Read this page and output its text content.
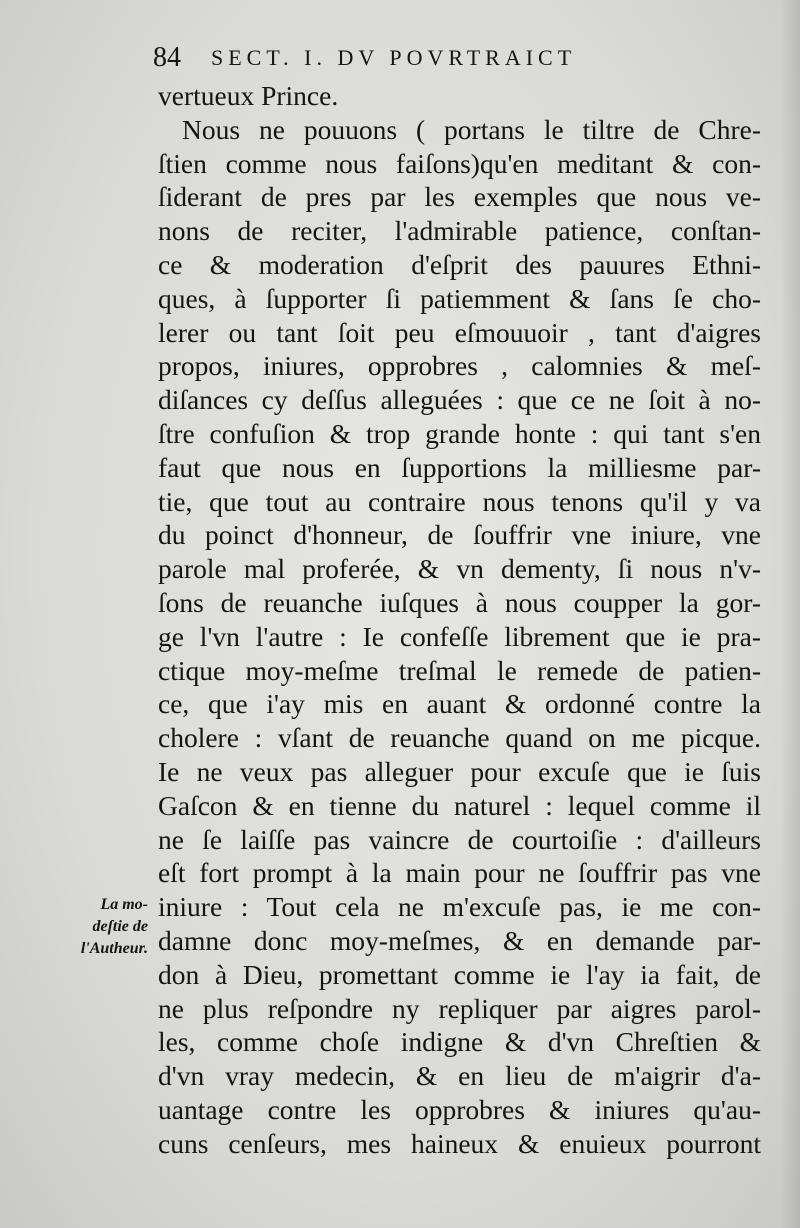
84 SECT. I. DV POVRTRAICT
vertueux Prince.
Nous ne pouuons ( portans le tiltre de Chre-
ſtien comme nous faiſons)qu'en meditant & con-
ſiderant de pres par les exemples que nous ve-
nons de reciter, l'admirable patience, conſtan-
ce & moderation d'eſprit des pauures Ethni-
ques, à ſupporter ſi patiemment & ſans ſe cho-
lerer ou tant ſoit peu eſmouuoir , tant d'aigres
propos, iniures, opprobres , calomnies & meſ-
diſances cy deſſus alleguées : que ce ne ſoit à no-
ſtre confuſion & trop grande honte : qui tant s'en
faut que nous en ſupportions la milliesme par-
tie, que tout au contraire nous tenons qu'il y va
du poinct d'honneur, de ſouffrir vne iniure, vne
parole mal proferée, & vn dementy, ſi nous n'v-
ſons de reuanche iuſques à nous coupper la gor-
ge l'vn l'autre : Ie confeſſe librement que ie pra-
ctique moy-meſme treſmal le remede de patien-
ce, que i'ay mis en auant & ordonné contre la
cholere : vſant de reuanche quand on me picque.
Ie ne veux pas alleguer pour excuſe que ie ſuis
Gaſcon & en tienne du naturel : lequel comme il
ne ſe laiſſe pas vaincre de courtoiſie : d'ailleurs
eſt fort prompt à la main pour ne ſouffrir pas vne
iniure : Tout cela ne m'excuſe pas, ie me con-
damne donc moy-meſmes, & en demande par-
don à Dieu, promettant comme ie l'ay ia fait, de
ne plus reſpondre ny repliquer par aigres parol-
les, comme choſe indigne & d'vn Chreſtien &
d'vn vray medecin, & en lieu de m'aigrir d'a-
uantage contre les opprobres & iniures qu'au-
cuns cenſeurs, mes haineux & enuieux pourront
La mo-
deſtie de
l'Autheur.
